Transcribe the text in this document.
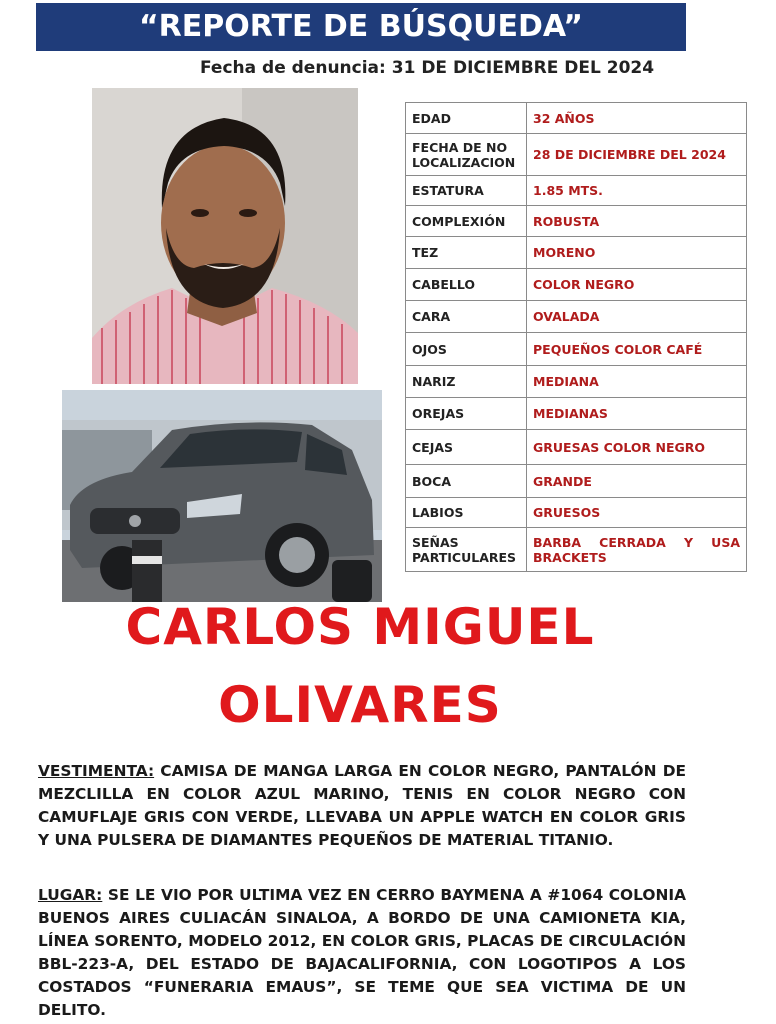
“REPORTE DE BÚSQUEDA”
Fecha de denuncia: 31 DE DICIEMBRE DEL 2024
EDAD	32 AÑOS
FECHA DE NO LOCALIZACION	28 DE DICIEMBRE DEL 2024
ESTATURA	1.85 MTS.
COMPLEXIÓN	ROBUSTA
TEZ	MORENO
CABELLO	COLOR NEGRO
CARA	OVALADA
OJOS	PEQUEÑOS COLOR CAFÉ
NARIZ	MEDIANA
OREJAS	MEDIANAS
CEJAS	GRUESAS COLOR NEGRO
BOCA	GRANDE
LABIOS	GRUESOS
SEÑAS PARTICULARES	BARBA CERRADA Y USA BRACKETS
CARLOS MIGUEL
OLIVARES
VESTIMENTA: CAMISA DE MANGA LARGA EN COLOR NEGRO, PANTALÓN DE MEZCLILLA EN COLOR AZUL MARINO, TENIS EN COLOR NEGRO CON CAMUFLAJE GRIS CON VERDE, LLEVABA UN APPLE WATCH EN COLOR GRIS Y UNA PULSERA DE DIAMANTES PEQUEÑOS DE MATERIAL TITANIO.
LUGAR: SE LE VIO POR ULTIMA VEZ EN CERRO BAYMENA A #1064 COLONIA BUENOS AIRES CULIACÁN SINALOA, A BORDO DE UNA CAMIONETA KIA, LÍNEA SORENTO, MODELO 2012, EN COLOR GRIS, PLACAS DE CIRCULACIÓN BBL-223-A, DEL ESTADO DE BAJACALIFORNIA, CON LOGOTIPOS A LOS COSTADOS “FUNERARIA EMAUS”, SE TEME QUE SEA VICTIMA DE UN DELITO.
